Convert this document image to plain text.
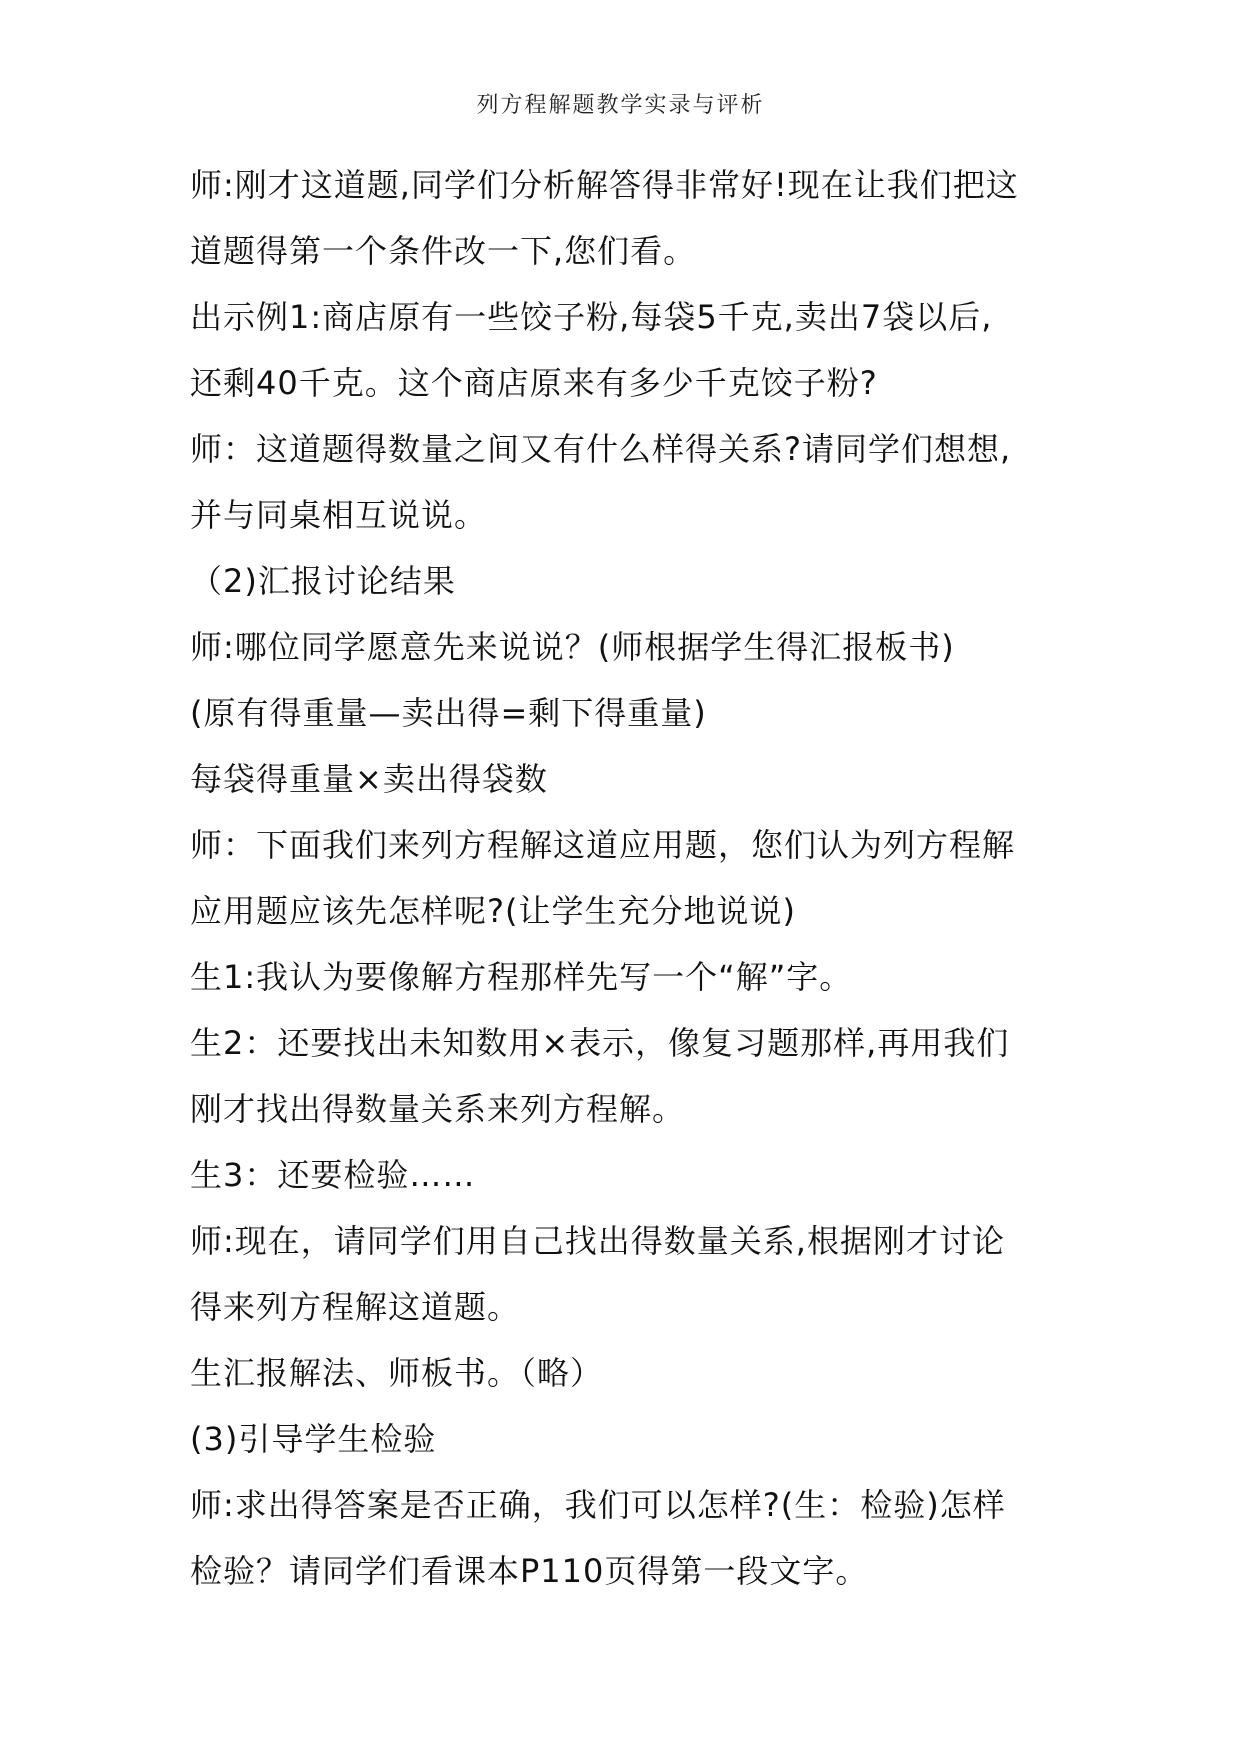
列方程解题教学实录与评析
师:刚才这道题,同学们分析解答得非常好!现在让我们把这
道题得第一个条件改一下,您们看。
出示例1:商店原有一些饺子粉,每袋5千克,卖出7袋以后,
还剩40千克。这个商店原来有多少千克饺子粉?
师：这道题得数量之间又有什么样得关系?请同学们想想,
并与同桌相互说说。
（2)汇报讨论结果
师:哪位同学愿意先来说说？(师根据学生得汇报板书)
(原有得重量—卖出得=剩下得重量)
每袋得重量×卖出得袋数
师：下面我们来列方程解这道应用题，您们认为列方程解
应用题应该先怎样呢?(让学生充分地说说)
生1:我认为要像解方程那样先写一个“解”字。
生2：还要找出未知数用×表示，像复习题那样,再用我们
刚才找出得数量关系来列方程解。
生3：还要检验……
师:现在，请同学们用自己找出得数量关系,根据刚才讨论
得来列方程解这道题。
生汇报解法、师板书。（略）
(3)引导学生检验
师:求出得答案是否正确，我们可以怎样?(生：检验)怎样
检验？请同学们看课本P110页得第一段文字。
